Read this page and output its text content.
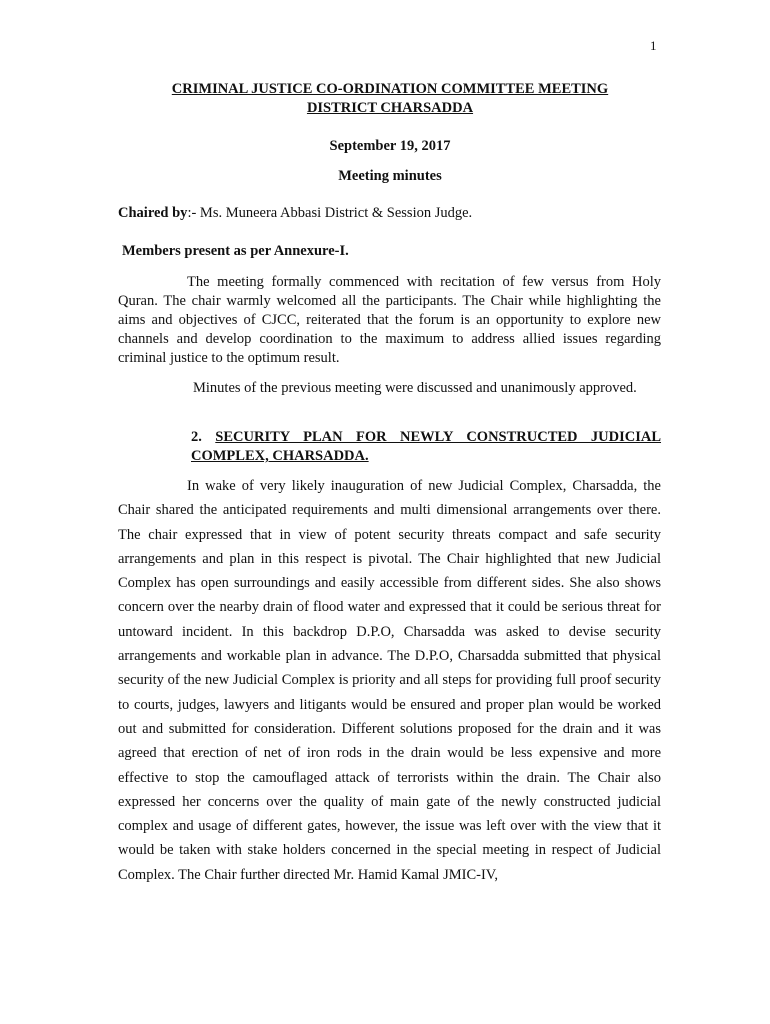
1
CRIMINAL JUSTICE CO-ORDINATION COMMITTEE MEETING
DISTRICT CHARSADDA
September 19, 2017
Meeting minutes
Chaired by:- Ms. Muneera Abbasi District & Session Judge.
Members present as per Annexure-I.

The meeting formally commenced with recitation of few versus from Holy Quran. The chair warmly welcomed all the participants. The Chair while highlighting the aims and objectives of CJCC, reiterated that the forum is an opportunity to explore new channels and develop coordination to the maximum to address allied issues regarding criminal justice to the optimum result.

Minutes of the previous meeting were discussed and unanimously approved.

2. SECURITY PLAN FOR NEWLY CONSTRUCTED JUDICIAL COMPLEX, CHARSADDA.

In wake of very likely inauguration of new Judicial Complex, Charsadda, the Chair shared the anticipated requirements and multi dimensional arrangements over there. The chair expressed that in view of potent security threats compact and safe security arrangements and plan in this respect is pivotal. The Chair highlighted that new Judicial Complex has open surroundings and easily accessible from different sides. She also shows concern over the nearby drain of flood water and expressed that it could be serious threat for untoward incident. In this backdrop D.P.O, Charsadda was asked to devise security arrangements and workable plan in advance. The D.P.O, Charsadda submitted that physical security of the new Judicial Complex is priority and all steps for providing full proof security to courts, judges, lawyers and litigants would be ensured and proper plan would be worked out and submitted for consideration. Different solutions proposed for the drain and it was agreed that erection of net of iron rods in the drain would be less expensive and more effective to stop the camouflaged attack of terrorists within the drain. The Chair also expressed her concerns over the quality of main gate of the newly constructed judicial complex and usage of different gates, however, the issue was left over with the view that it would be taken with stake holders concerned in the special meeting in respect of Judicial Complex. The Chair further directed Mr. Hamid Kamal JMIC-IV,
